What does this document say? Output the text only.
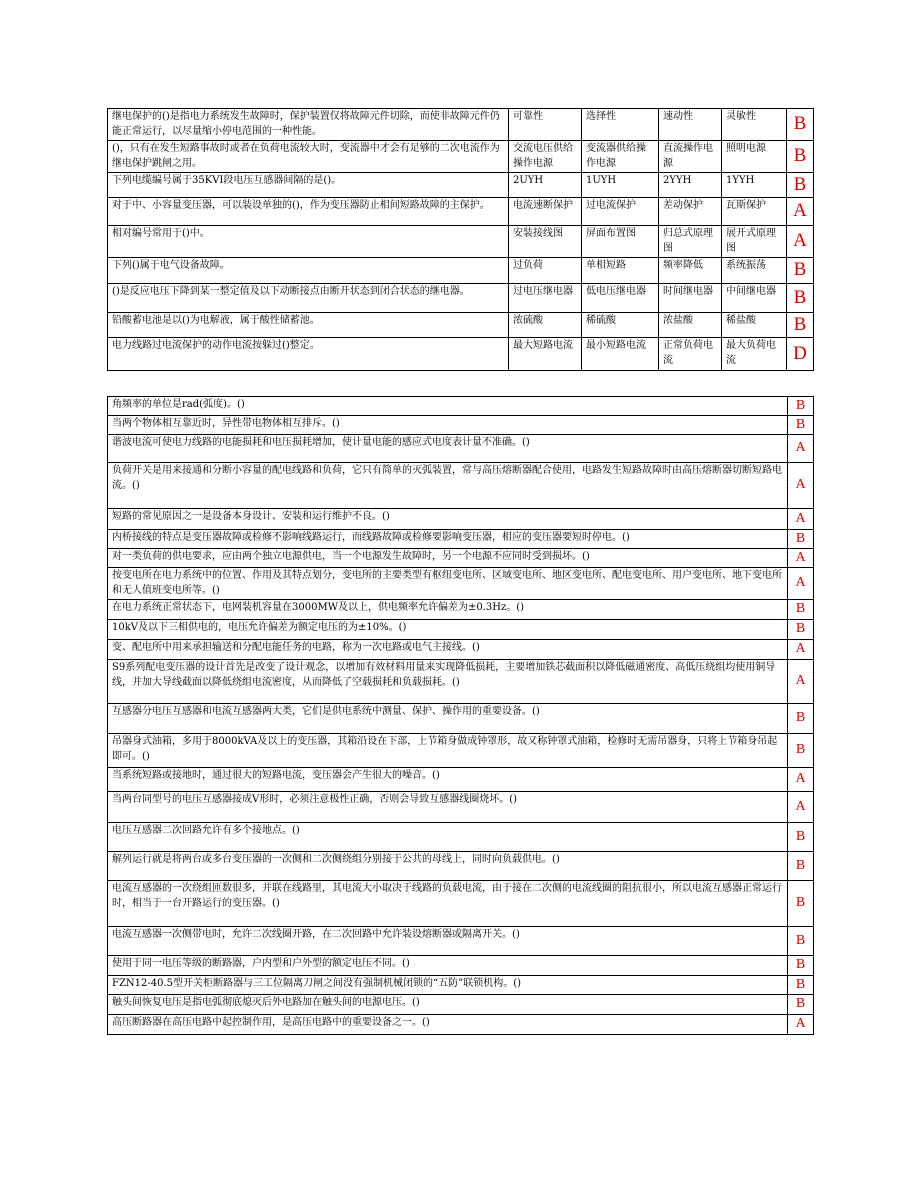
继电保护的()是指电力系统发生故障时，保护装置仅将故障元件切除，而使非故障元件仍能正常运行，以尽量缩小停电范围的一种性能。	可靠性	选择性	速动性	灵敏性	B
()，只有在发生短路事故时或者在负荷电流较大时，变流器中才会有足够的二次电流作为继电保护跳闸之用。	交流电压供给操作电源	变流器供给操作电源	直流操作电源	照明电源	B
下列电缆编号属于35KVI段电压互感器间隔的是()。	2UYH	1UYH	2YYH	1YYH	B
对于中、小容量变压器，可以装设单独的()，作为变压器防止相间短路故障的主保护。	电流速断保护	过电流保护	差动保护	瓦斯保护	A
相对编号常用于()中。	安装接线图	屏面布置图	归总式原理图	展开式原理图	A
下列()属于电气设备故障。	过负荷	单相短路	频率降低	系统振荡	B
()是反应电压下降到某一整定值及以下动断接点由断开状态到闭合状态的继电器。	过电压继电器	低电压继电器	时间继电器	中间继电器	B
铅酸蓄电池是以()为电解液，属于酸性储蓄池。	浓硫酸	稀硫酸	浓盐酸	稀盐酸	B
电力线路过电流保护的动作电流按躲过()整定。	最大短路电流	最小短路电流	正常负荷电流	最大负荷电流	D
角频率的单位是rad(弧度)。()	B
当两个物体相互靠近时，异性带电物体相互排斥。()	B
谐波电流可使电力线路的电能损耗和电压损耗增加，使计量电能的感应式电度表计量不准确。()	A
负荷开关是用来接通和分断小容量的配电线路和负荷，它只有简单的灭弧装置，常与高压熔断器配合使用，电路发生短路故障时由高压熔断器切断短路电流。()	A
短路的常见原因之一是设备本身设计、安装和运行维护不良。()	A
内桥接线的特点是变压器故障或检修不影响线路运行，而线路故障或检修要影响变压器，相应的变压器要短时停电。()	B
对一类负荷的供电要求，应由两个独立电源供电，当一个电源发生故障时，另一个电源不应同时受到损坏。()	A
按变电所在电力系统中的位置、作用及其特点划分，变电所的主要类型有枢纽变电所、区域变电所、地区变电所、配电变电所、用户变电所、地下变电所和无人值班变电所等。()	A
在电力系统正常状态下，电网装机容量在3000MW及以上，供电频率允许偏差为±0.3Hz。()	B
10kV及以下三相供电的，电压允许偏差为额定电压的为±10%。()	B
变、配电所中用来承担输送和分配电能任务的电路，称为一次电路或电气主接线。()	A
S9系列配电变压器的设计首先是改变了设计观念，以增加有效材料用量来实现降低损耗，主要增加铁芯截面积以降低磁通密度、高低压绕组均使用铜导线，并加大导线截面以降低绕组电流密度，从而降低了空载损耗和负载损耗。()	A
互感器分电压互感器和电流互感器两大类，它们是供电系统中测量、保护、操作用的重要设备。()	B
吊器身式油箱，多用于8000kVA及以上的变压器，其箱沿设在下部，上节箱身做成钟罩形，故又称钟罩式油箱，检修时无需吊器身，只将上节箱身吊起即可。()	B
当系统短路或接地时，通过很大的短路电流，变压器会产生很大的噪音。()	A
当两台同型号的电压互感器接成V形时，必须注意极性正确，否则会导致互感器线圈烧坏。()	A
电压互感器二次回路允许有多个接地点。()	B
解列运行就是将两台或多台变压器的一次侧和二次侧绕组分别接于公共的母线上，同时向负载供电。()	B
电流互感器的一次绕组匝数很多，并联在线路里，其电流大小取决于线路的负载电流，由于接在二次侧的电流线圈的阻抗很小，所以电流互感器正常运行时，相当于一台开路运行的变压器。()	B
电流互感器一次侧带电时，允许二次线圈开路，在二次回路中允许装设熔断器或隔离开关。()	B
使用于同一电压等级的断路器，户内型和户外型的额定电压不同。()	B
FZN12-40.5型开关柜断路器与三工位隔离刀闸之间没有强制机械闭锁的“五防”联锁机构。()	B
触头间恢复电压是指电弧彻底熄灭后外电路加在触头间的电源电压。()	B
高压断路器在高压电路中起控制作用，是高压电路中的重要设备之一。()	A
